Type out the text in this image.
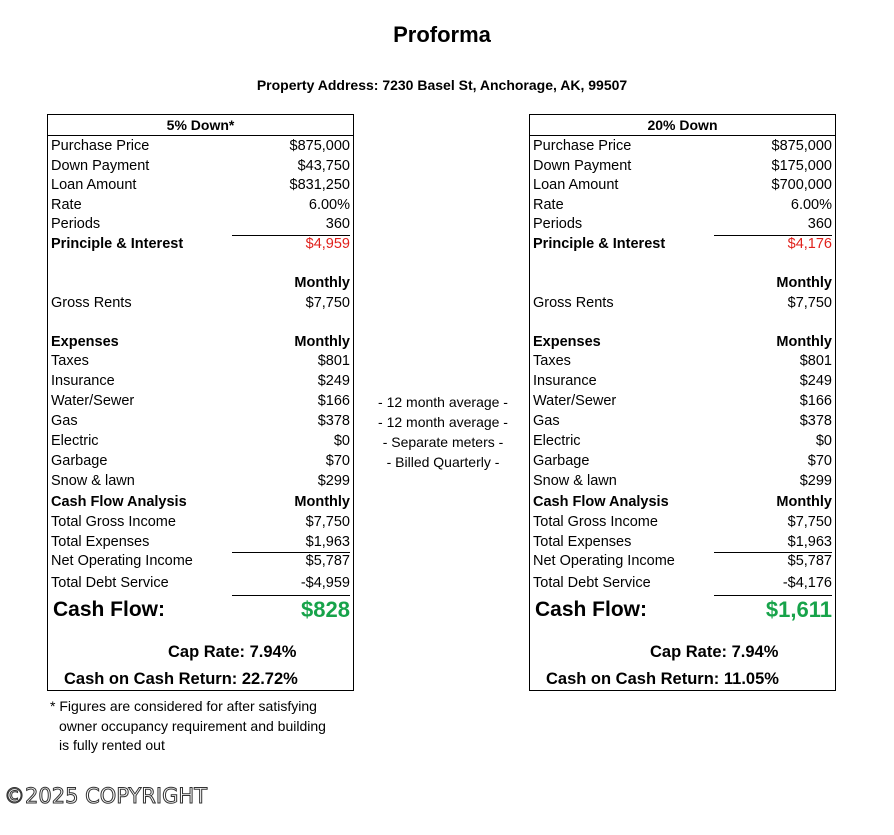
Proforma
Property Address: 7230 Basel St, Anchorage, AK, 99507
5% Down*
Purchase Price	$875,000
Down Payment	$43,750
Loan Amount	$831,250
Rate	6.00%
Periods	360
Principle & Interest	$4,959
Monthly
Gross Rents	$7,750
Expenses	Monthly
Taxes	$801
Insurance	$249
Water/Sewer	$166
Gas	$378
Electric	$0
Garbage	$70
Snow & lawn	$299
Cash Flow Analysis	Monthly
Total Gross Income	$7,750
Total Expenses	$1,963
Net Operating Income	$5,787
Total Debt Service	-$4,959
Cash Flow:	$828
Cap Rate: 7.94%
Cash on Cash Return: 22.72%
- 12 month average -
- 12 month average -
- Separate meters -
- Billed Quarterly -
20% Down
Purchase Price	$875,000
Down Payment	$175,000
Loan Amount	$700,000
Rate	6.00%
Periods	360
Principle & Interest	$4,176
Monthly
Gross Rents	$7,750
Expenses	Monthly
Taxes	$801
Insurance	$249
Water/Sewer	$166
Gas	$378
Electric	$0
Garbage	$70
Snow & lawn	$299
Cash Flow Analysis	Monthly
Total Gross Income	$7,750
Total Expenses	$1,963
Net Operating Income	$5,787
Total Debt Service	-$4,176
Cash Flow:	$1,611
Cap Rate: 7.94%
Cash on Cash Return: 11.05%
* Figures are considered for after satisfying
owner occupancy requirement and building
is fully rented out
©2025 COPYRIGHT
